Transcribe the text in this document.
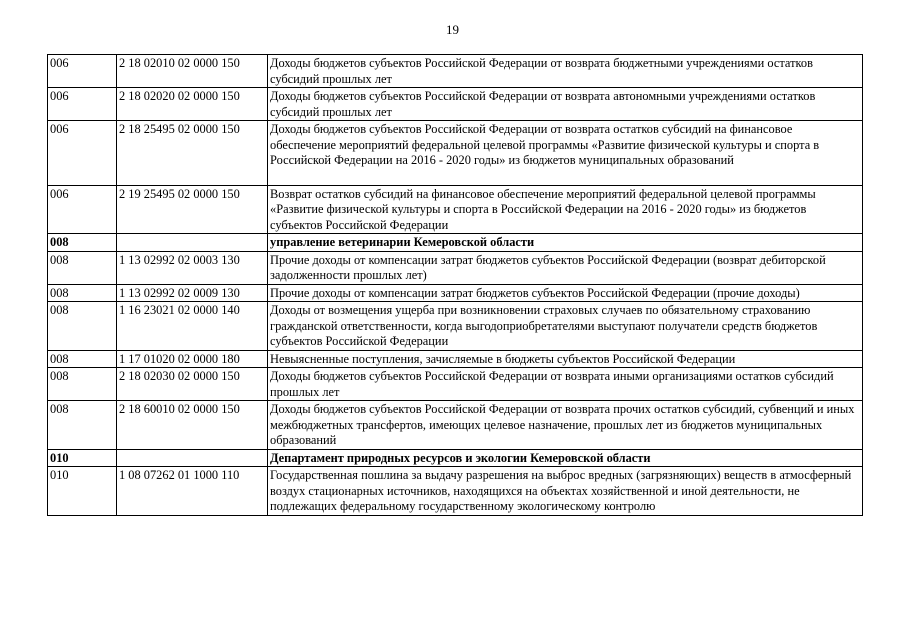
19
006	2 18 02010 02 0000 150	Доходы бюджетов субъектов Российской Федерации от возврата бюджетными учреждениями остатков субсидий прошлых лет
006	2 18 02020 02 0000 150	Доходы бюджетов субъектов Российской Федерации от возврата автономными учреждениями остатков субсидий прошлых лет
006	2 18 25495 02 0000 150	Доходы бюджетов субъектов Российской Федерации от возврата остатков субсидий на финансовое обеспечение мероприятий федеральной целевой программы «Развитие физической культуры и спорта в Российской Федерации на 2016 - 2020 годы» из бюджетов муниципальных образований
006	2 19 25495 02 0000 150	Возврат остатков субсидий на финансовое обеспечение мероприятий федеральной целевой программы «Развитие физической культуры и спорта в Российской Федерации на 2016 - 2020 годы» из бюджетов субъектов Российской Федерации
008		управление ветеринарии Кемеровской области
008	1 13 02992 02 0003 130	Прочие доходы от компенсации затрат бюджетов субъектов Российской Федерации (возврат дебиторской задолженности прошлых лет)
008	1 13 02992 02 0009 130	Прочие доходы от компенсации затрат бюджетов субъектов Российской Федерации (прочие доходы)
008	1 16 23021 02 0000 140	Доходы от возмещения ущерба при возникновении страховых случаев по обязательному страхованию гражданской ответственности, когда выгодоприобретателями выступают получатели средств бюджетов субъектов Российской Федерации
008	1 17 01020 02 0000 180	Невыясненные поступления, зачисляемые в бюджеты субъектов Российской Федерации
008	2 18 02030 02 0000 150	Доходы бюджетов субъектов Российской Федерации от возврата иными организациями остатков субсидий прошлых лет
008	2 18 60010 02 0000 150	Доходы бюджетов субъектов Российской Федерации от возврата прочих остатков субсидий, субвенций и иных межбюджетных трансфертов, имеющих целевое назначение, прошлых лет из бюджетов муниципальных образований
010		Департамент природных ресурсов и экологии Кемеровской области
010	1 08 07262 01 1000 110	Государственная пошлина за выдачу разрешения на выброс вредных (загрязняющих) веществ в атмосферный воздух стационарных источников, находящихся на объектах хозяйственной и иной деятельности, не подлежащих федеральному государственному экологическому контролю
